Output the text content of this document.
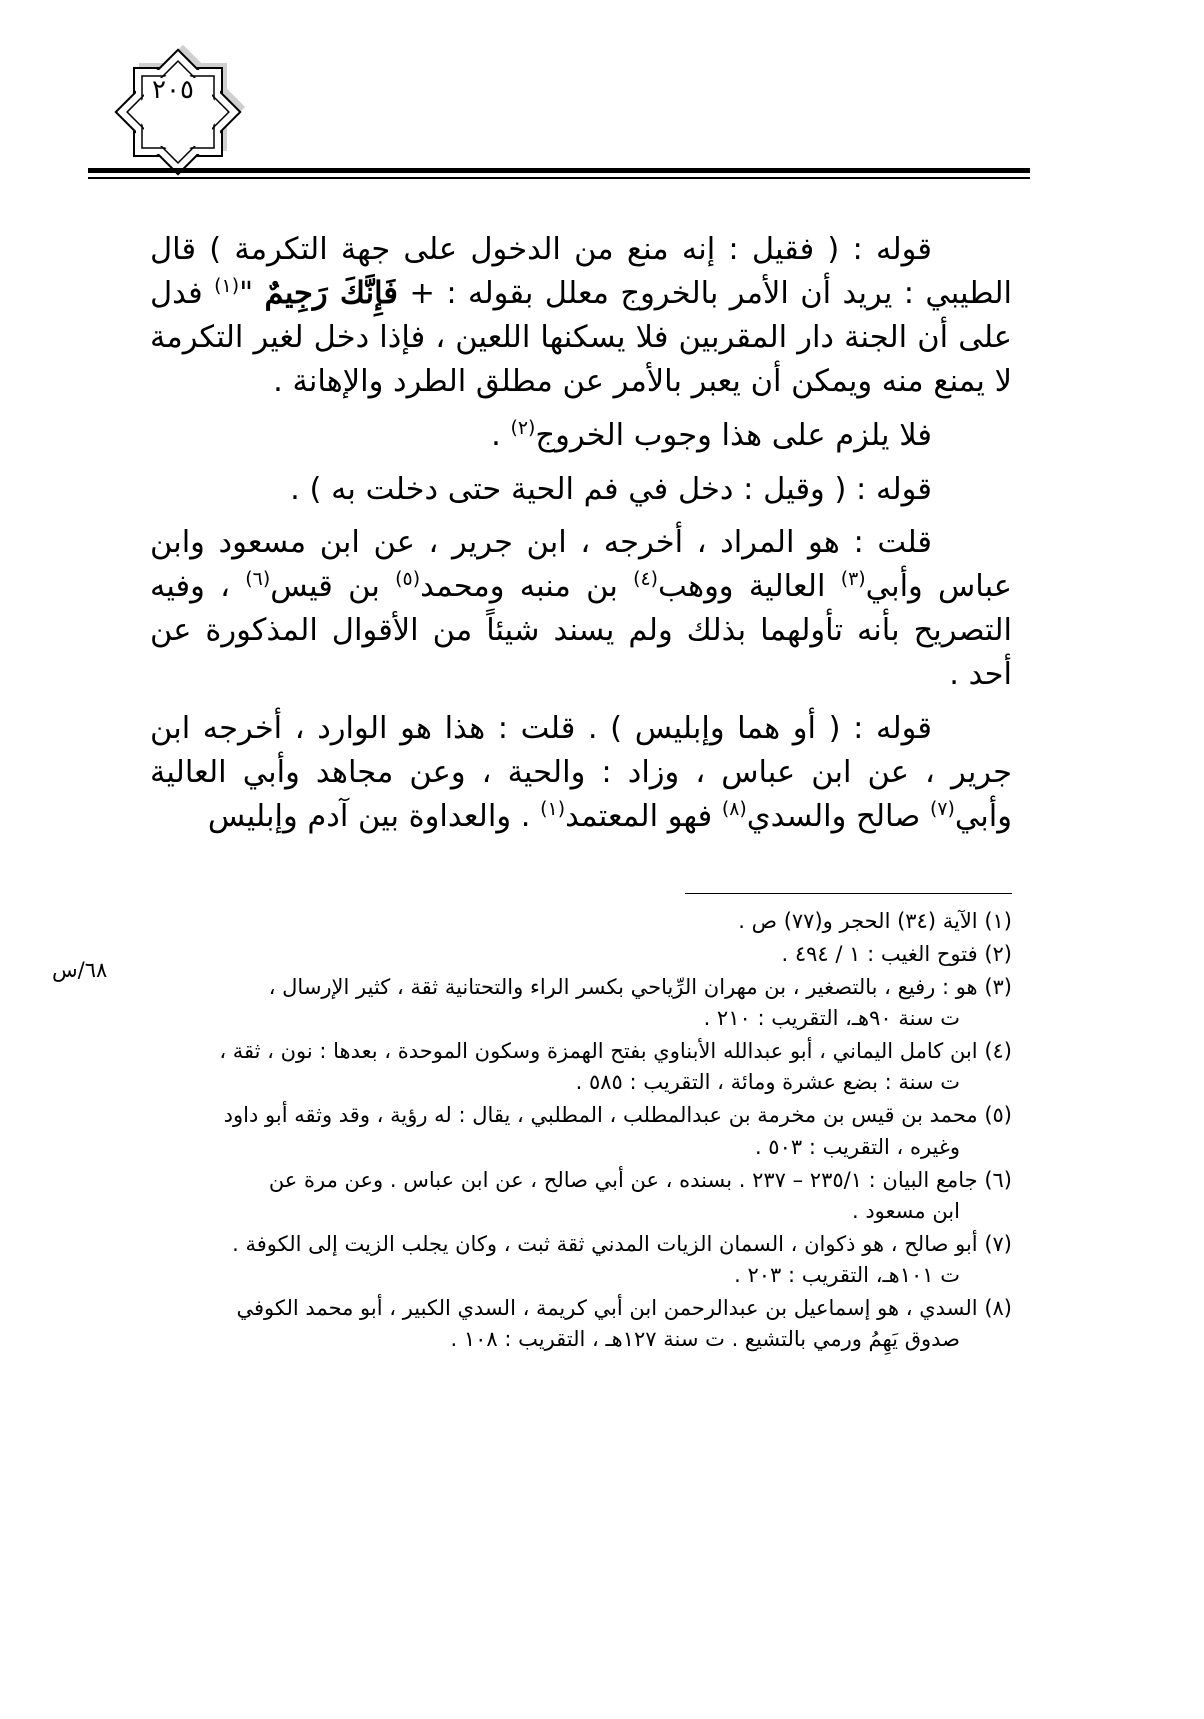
٢٠٥

قوله : ( فقيل : إنه منع من الدخول على جهة التكرمة ) قال الطيبي : يريد أن الأمر بالخروج معلل بقوله : + فَإِنَّكَ رَجِيمٌ "$^{(١)}$ فدل على أن الجنة دار المقربين فلا يسكنها اللعين ، فإذا دخل لغير التكرمة لا يمنع منه ويمكن أن يعبر بالأمر عن مطلق الطرد والإهانة .

فلا يلزم على هذا وجوب الخروج$^{(٢)}$ .

قوله : ( وقيل : دخل في فم الحية حتى دخلت به ) .

قلت : هو المراد ، أخرجه ، ابن جرير ، عن ابن مسعود وابن عباس وأبي$^{(٣)}$ العالية ووهب$^{(٤)}$ بن منبه ومحمد$^{(٥)}$ بن قيس$^{(٦)}$ ، وفيه التصريح بأنه تأولهما بذلك ولم يسند شيئاً من الأقوال المذكورة عن أحد .

قوله : ( أو هما وإبليس ) . قلت : هذا هو الوارد ، أخرجه ابن جرير ، عن ابن عباس ، وزاد : والحية ، وعن مجاهد وأبي العالية وأبي$^{(٧)}$ صالح والسدي$^{(٨)}$ فهو المعتمد$^{(١)}$ . والعداوة بين آدم وإبليس

٦٨/س
(١) الآية (٣٤) الحجر و(٧٧) ص .
(٢) فتوح الغيب : ١ / ٤٩٤ .
(٣) هو : رفيع ، بالتصغير ، بن مهران الرِّياحي بكسر الراء والتحتانية ثقة ، كثير الإرسال ،
ت سنة ٩٠هـ، التقريب : ٢١٠ .
(٤) ابن كامل اليماني ، أبو عبدالله الأبناوي بفتح الهمزة وسكون الموحدة ، بعدها : نون ، ثقة ،
ت سنة : بضع عشرة ومائة ، التقريب : ٥٨٥ .
(٥) محمد بن قيس بن مخرمة بن عبدالمطلب ، المطلبي ، يقال : له رؤية ، وقد وثقه أبو داود
وغيره ، التقريب : ٥٠٣ .
(٦) جامع البيان : ٢٣٥/١ – ٢٣٧ . بسنده ، عن أبي صالح ، عن ابن عباس . وعن مرة عن
ابن مسعود .
(٧) أبو صالح ، هو ذكوان ، السمان الزيات المدني ثقة ثبت ، وكان يجلب الزيت إلى الكوفة .
ت ١٠١هـ، التقريب : ٢٠٣ .
(٨) السدي ، هو إسماعيل بن عبدالرحمن ابن أبي كريمة ، السدي الكبير ، أبو محمد الكوفي
صدوق يَهِمُ ورمي بالتشيع . ت سنة ١٢٧هـ ، التقريب : ١٠٨ .
